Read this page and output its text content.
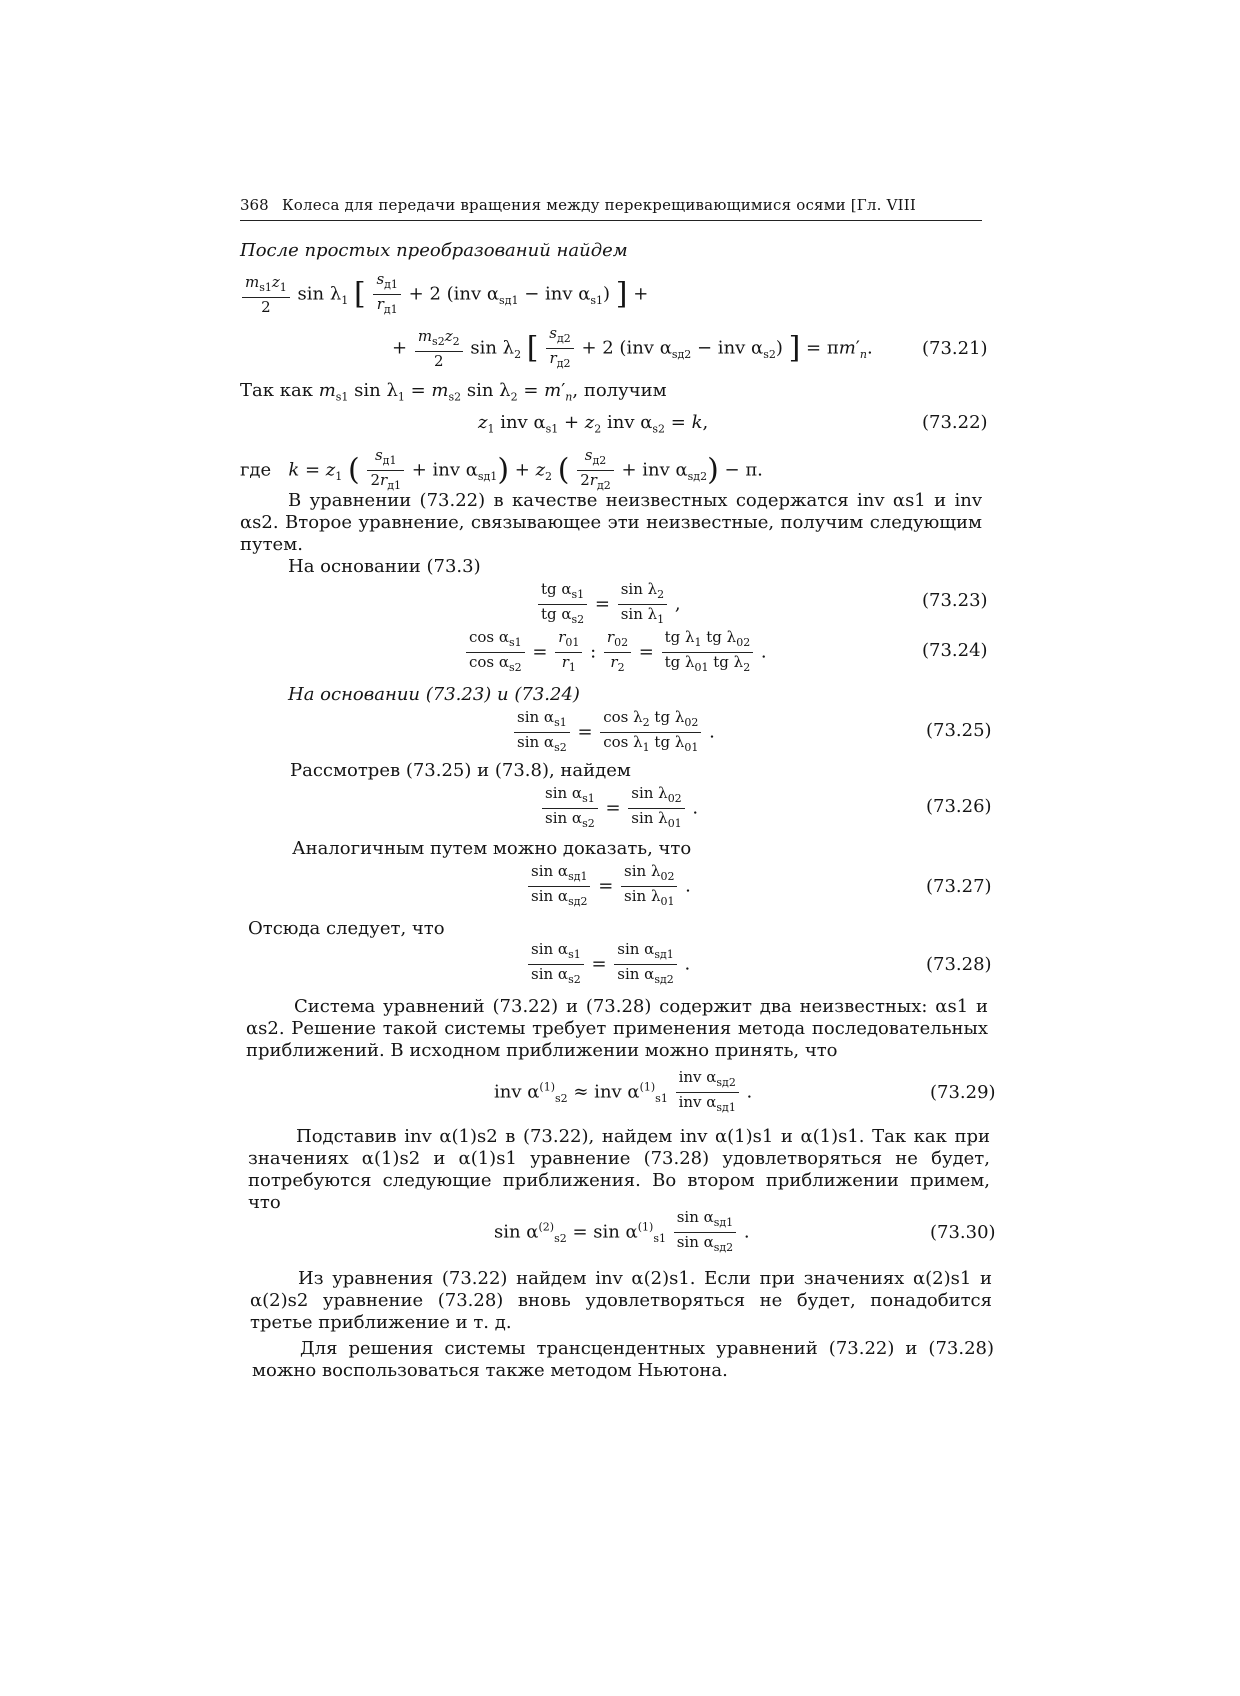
368 Колеса для передачи вращения между перекрещивающимися осями [Гл. VIII
После простых преобразований найдем
$\frac{m_{s1}z_1}{2}$ $\sin \lambda_1$ [ $\frac{s_{д1}}{r_{д1}} + 2$ (inv $\alpha_{sд1}$ − inv $\alpha_{s1}$) ] +
+ $\frac{m_{s2}z_2}{2}$ $\sin \lambda_2$ [ $\frac{s_{д2}}{r_{д2}} + 2$ (inv $\alpha_{sд2}$ − inv $\alpha_{s2}$) ] = $\pi m'_n$.	(73.21)
Так как $m_{s1}$ $\sin \lambda_1 = m_{s2}$ $\sin \lambda_2 = m'_n$, получим
$z_1$ inv $\alpha_{s1} + z_2$ inv $\alpha_{s2} = k$,	(73.22)
где $k = z_1$ ( $\frac{s_{д1}}{2r_{д1}}$ + inv $\alpha_{sд1}) + z_2$ ( $\frac{s_{д2}}{2r_{д2}}$ + inv $\alpha_{sд2}) - \pi$.
В уравнении (73.22) в качестве неизвестных содержатся inv αs1 и inv αs2. Второе уравнение, связывающее эти неизвестные, получим следующим путем.
На основании (73.3)
$\frac{tg \alpha_{s1}}{tg \alpha_{s2}} = \frac{\sin \lambda_2}{\sin \lambda_1}$ ,	(73.23)
$\frac{\cos \alpha_{s1}}{\cos \alpha_{s2}} = \frac{r_{01}}{r_1}$ : $\frac{r_{02}}{r_2} = \frac{tg \lambda_1 tg \lambda_{02}}{tg \lambda_{01} tg \lambda_2}$ .	(73.24)
На основании (73.23) и (73.24)
$\frac{\sin \alpha_{s1}}{\sin \alpha_{s2}} = \frac{\cos \lambda_2 tg \lambda_{02}}{\cos \lambda_1 tg \lambda_{01}}$ .	(73.25)
Рассмотрев (73.25) и (73.8), найдем
$\frac{\sin \alpha_{s1}}{\sin \alpha_{s2}} = \frac{\sin \lambda_{02}}{\sin \lambda_{01}}$ .	(73.26)
Аналогичным путем можно доказать, что
$\frac{\sin \alpha_{sд1}}{\sin \alpha_{sд2}} = \frac{\sin \lambda_{02}}{\sin \lambda_{01}}$ .	(73.27)
Отсюда следует, что
$\frac{\sin \alpha_{s1}}{\sin \alpha_{s2}} = \frac{\sin \alpha_{sд1}}{\sin \alpha_{sд2}}$ .	(73.28)
Система уравнений (73.22) и (73.28) содержит два неизвестных: αs1 и αs2. Решение такой системы требует применения метода последовательных приближений. В исходном приближении можно принять, что
inv $\alpha^{(1)}_{s2}$ ≈ inv $\alpha^{(1)}_{s1} \frac{inv \alpha_{sд2}}{inv \alpha_{sд1}}$ .	(73.29)
Подставив inv α(1)s2 в (73.22), найдем inv α(1)s1 и α(1)s1. Так как при значениях α(1)s2 и α(1)s1 уравнение (73.28) удовлетворяться не будет, потребуются следующие приближения. Во втором приближении примем, что
$\sin \alpha^{(2)}_{s2} = \sin \alpha^{(1)}_{s1} \frac{\sin \alpha_{sд1}}{\sin \alpha_{sд2}}$ .	(73.30)
Из уравнения (73.22) найдем inv α(2)s1. Если при значениях α(2)s1 и α(2)s2 уравнение (73.28) вновь удовлетворяться не будет, понадобится третье приближение и т. д.
Для решения системы трансцендентных уравнений (73.22) и (73.28) можно воспользоваться также методом Ньютона.
